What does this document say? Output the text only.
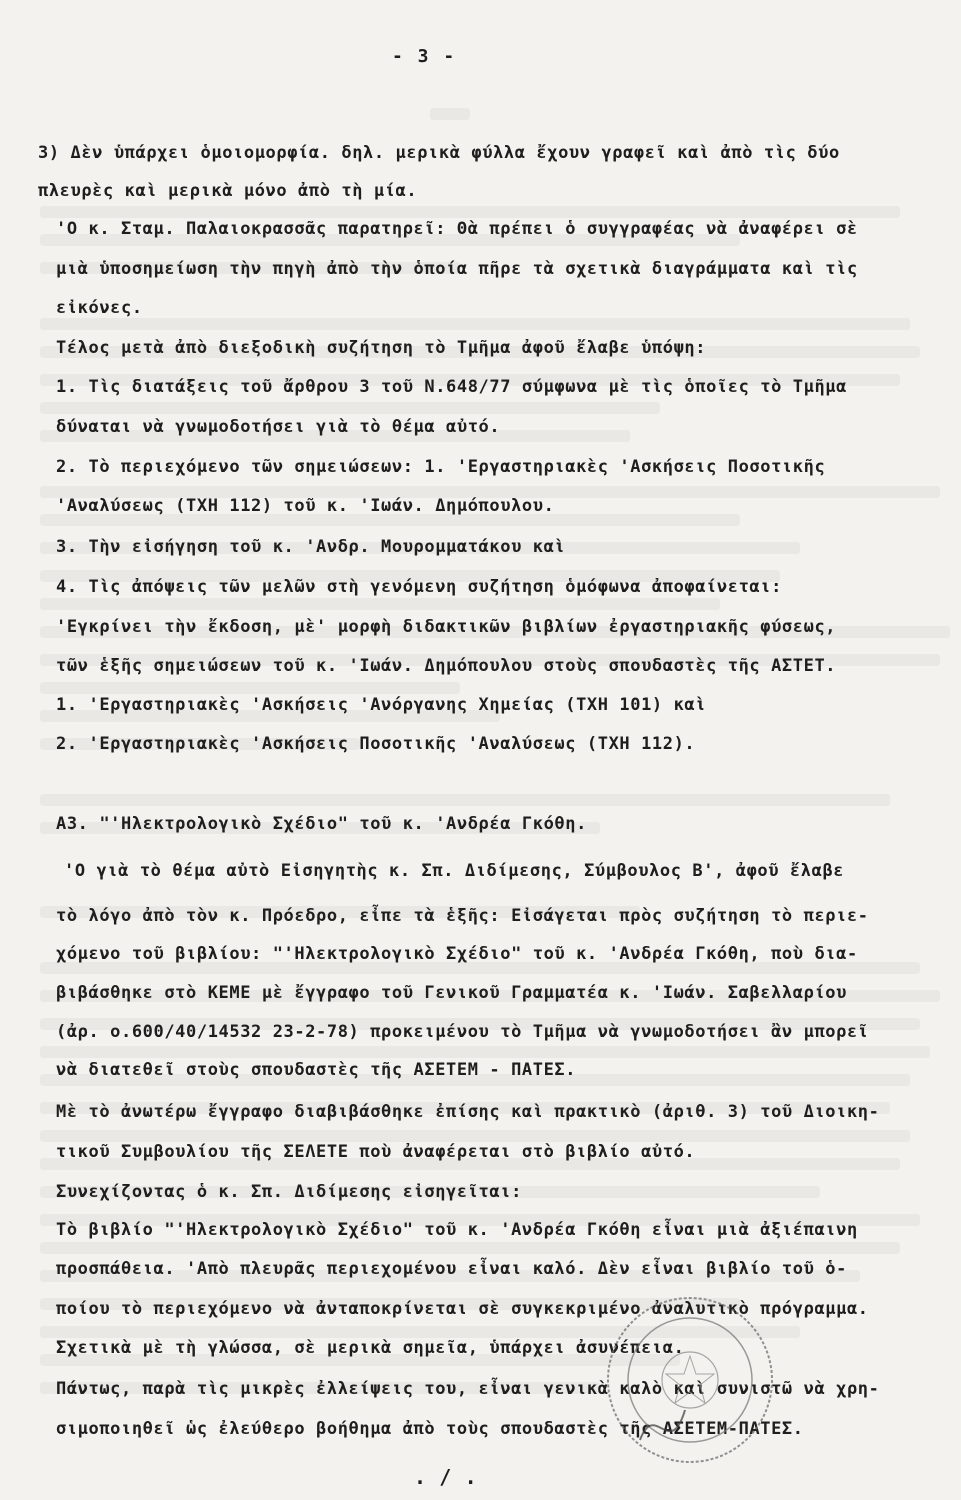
- 3 -
3) Δὲν ὑπάρχει ὁμοιομορφία. δηλ. μερικὰ φύλλα ἔχουν γραφεῖ καὶ ἀπὸ τὶς δύο
πλευρὲς καὶ μερικὰ μόνο ἀπὸ τὴ μία.
'Ο κ. Σταμ. Παλαιοκρασσᾶς παρατηρεῖ: Θὰ πρέπει ὁ συγγραφέας νὰ ἀναφέρει σὲ
μιὰ ὑποσημείωση τὴν πηγὴ ἀπὸ τὴν ὁποία πῆρε τὰ σχετικὰ διαγράμματα καὶ τὶς
εἰκόνες.
Τέλος μετὰ ἀπὸ διεξοδικὴ συζήτηση τὸ Τμῆμα ἀφοῦ ἔλαβε ὑπόψη:
1. Τὶς διατάξεις τοῦ ἄρθρου 3 τοῦ Ν.648/77 σύμφωνα μὲ τὶς ὁποῖες τὸ Τμῆμα
δύναται νὰ γνωμοδοτήσει γιὰ τὸ θέμα αὐτό.
2. Τὸ περιεχόμενο τῶν σημειώσεων: 1. 'Εργαστηριακὲς 'Ασκήσεις Ποσοτικῆς
'Αναλύσεως (ΤΧΗ 112) τοῦ κ. 'Ιωάν. Δημόπουλου.
3. Τὴν εἰσήγηση τοῦ κ. 'Ανδρ. Μουρομματάκου καὶ
4. Τὶς ἀπόψεις τῶν μελῶν στὴ γενόμενη συζήτηση ὁμόφωνα ἀποφαίνεται:
'Εγκρίνει τὴν ἔκδοση, μὲ' μορφὴ διδακτικῶν βιβλίων ἐργαστηριακῆς φύσεως,
τῶν ἑξῆς σημειώσεων τοῦ κ. 'Ιωάν. Δημόπουλου στοὺς σπουδαστὲς τῆς ΑΣΤΕΤ.
1. 'Εργαστηριακὲς 'Ασκήσεις 'Ανόργανης Χημείας (ΤΧΗ 101) καὶ
2. 'Εργαστηριακὲς 'Ασκήσεις Ποσοτικῆς 'Αναλύσεως (ΤΧΗ 112).
Α3. "'Ηλεκτρολογικὸ Σχέδιο" τοῦ κ. 'Ανδρέα Γκόθη.
'Ο γιὰ τὸ θέμα αὐτὸ Εἰσηγητὴς κ. Σπ. Διδίμεσης, Σύμβουλος Β', ἀφοῦ ἔλαβε
τὸ λόγο ἀπὸ τὸν κ. Πρόεδρο, εἶπε τὰ ἑξῆς: Εἰσάγεται πρὸς συζήτηση τὸ περιε-
χόμενο τοῦ βιβλίου: "'Ηλεκτρολογικὸ Σχέδιο" τοῦ κ. 'Ανδρέα Γκόθη, ποὺ δια-
βιβάσθηκε στὸ ΚΕΜΕ μὲ ἔγγραφο τοῦ Γενικοῦ Γραμματέα κ. 'Ιωάν. Σαβελλαρίου
(ἀρ. ο.600/40/14532 23-2-78) προκειμένου τὸ Τμῆμα νὰ γνωμοδοτήσει ἂν μπορεῖ
νὰ διατεθεῖ στοὺς σπουδαστὲς τῆς ΑΣΕΤΕΜ - ΠΑΤΕΣ.
Μὲ τὸ ἀνωτέρω ἔγγραφο διαβιβάσθηκε ἐπίσης καὶ πρακτικὸ (ἀριθ. 3) τοῦ Διοικη-
τικοῦ Συμβουλίου τῆς ΣΕΛΕΤΕ ποὺ ἀναφέρεται στὸ βιβλίο αὐτό.
Συνεχίζοντας ὁ κ. Σπ. Διδίμεσης εἰσηγεῖται:
Τὸ βιβλίο "'Ηλεκτρολογικὸ Σχέδιο" τοῦ κ. 'Ανδρέα Γκόθη εἶναι μιὰ ἀξιέπαινη
προσπάθεια. 'Απὸ πλευρᾶς περιεχομένου εἶναι καλό. Δὲν εἶναι βιβλίο τοῦ ὁ-
ποίου τὸ περιεχόμενο νὰ ἀνταποκρίνεται σὲ συγκεκριμένο ἀναλυτικὸ πρόγραμμα.
Σχετικὰ μὲ τὴ γλώσσα, σὲ μερικὰ σημεῖα, ὑπάρχει ἀσυνέπεια.
Πάντως, παρὰ τὶς μικρὲς ἐλλείψεις του, εἶναι γενικὰ καλὸ καὶ συνιστῶ νὰ χρη-
σιμοποιηθεῖ ὡς ἐλεύθερο βοήθημα ἀπὸ τοὺς σπουδαστὲς τῆς ΑΣΕΤΕΜ-ΠΑΤΕΣ.
. / .
